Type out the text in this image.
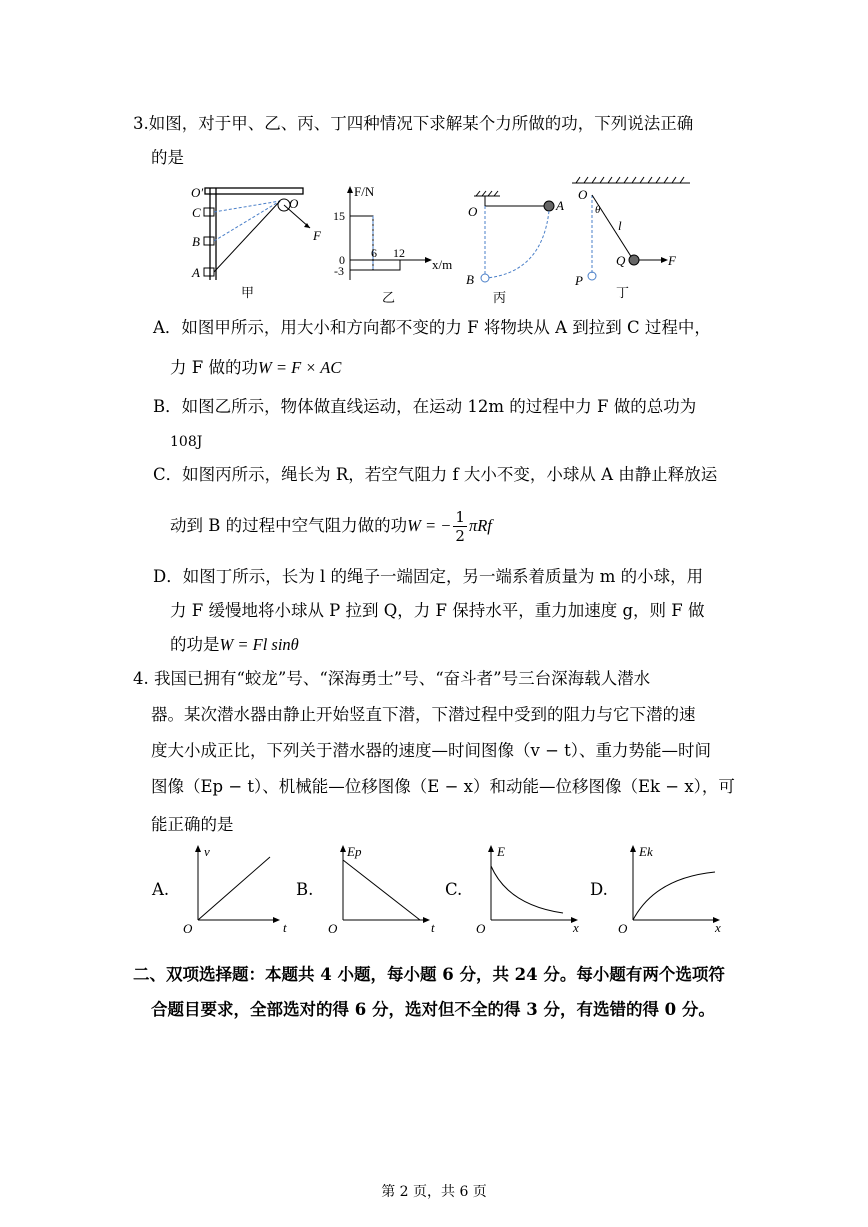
3.如图，对于甲、乙、丙、丁四种情况下求解某个力所做的功，下列说法正确
的是
O′
O
C
B
A
F
甲
F/N
x/m
15
0
-3
6 12
乙
O	A
B
丙
O
θ
l
Q	F
P
丁
A．如图甲所示，用大小和方向都不变的力 F 将物块从 A 到拉到 C 过程中，
力 F 做的功W = F × AC
B．如图乙所示，物体做直线运动，在运动 12m 的过程中力 F 做的总功为
108J
C．如图丙所示，绳长为 R，若空气阻力 f 大小不变，小球从 A 由静止释放运
动到 B 的过程中空气阻力做的功W = − $\frac{1}{2}$ πRf
D．如图丁所示，长为 l 的绳子一端固定，另一端系着质量为 m 的小球，用
力 F 缓慢地将小球从 P 拉到 Q，力 F 保持水平，重力加速度 g，则 F 做
的功是W = Fl sinθ
4. 我国已拥有“蛟龙”号、“深海勇士”号、“奋斗者”号三台深海载人潜水
器。某次潜水器由静止开始竖直下潜，下潜过程中受到的阻力与它下潜的速
度大小成正比，下列关于潜水器的速度—时间图像（v − t）、重力势能—时间
图像（Ep − t）、机械能—位移图像（E − x）和动能—位移图像（Ek − x），可
能正确的是
A.
v
t
O
B.
Ep
t
O
C.
E
x
O
D.
Ek
x
O
二、双项选择题：本题共 4 小题，每小题 6 分，共 24 分。每小题有两个选项符
合题目要求，全部选对的得 6 分，选对但不全的得 3 分，有选错的得 0 分。
第 2 页，共 6 页
